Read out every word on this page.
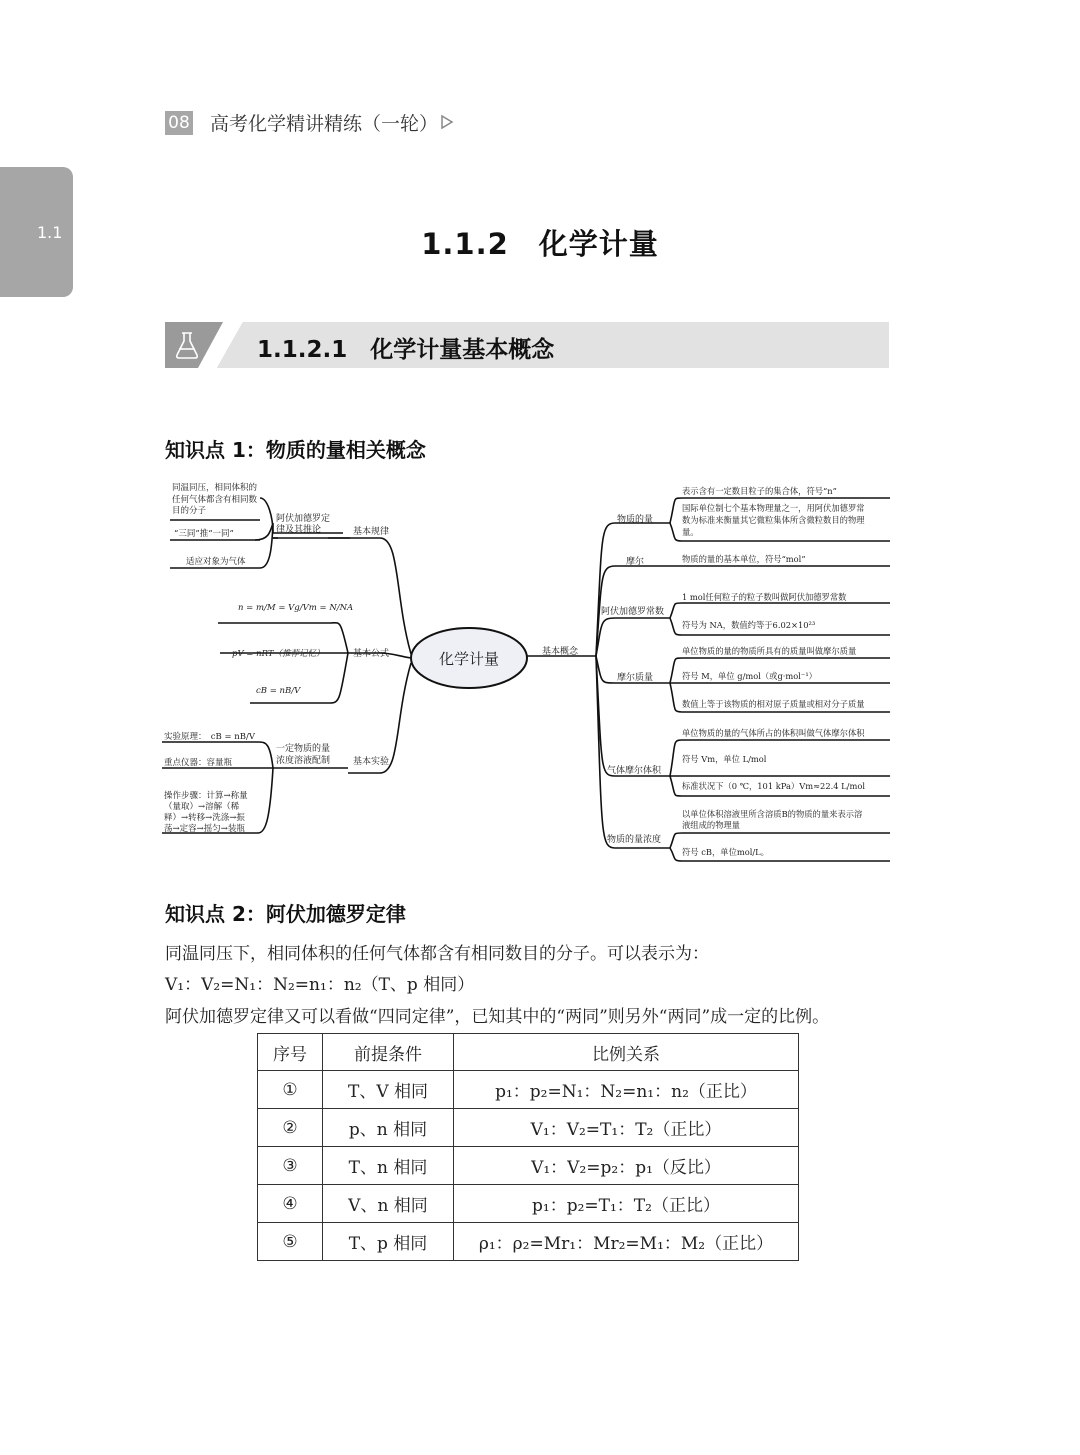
08 高考化学精讲精练（一轮）
1.1	1.1.2　化学计量
1.1.2.1　化学计量基本概念
知识点 1：物质的量相关概念
化学计量
基本规律
阿伏加德罗定
律及其推论
同温同压，相同体积的
任何气体都含有相同数
目的分子
“三同”推“一同”
适应对象为气体
基本公式
n = m/M = Vg/Vm = N/NA
pV = nRT（推荐记忆）
cB = nB/V
基本实验
一定物质的量
浓度溶液配制
实验原理：　cB = nB/V
重点仪器：容量瓶
操作步骤：计算→称量
（量取）→溶解（稀
释）→转移→洗涤→振
荡→定容→摇匀→装瓶
基本概念
物质的量
摩尔
阿伏加德罗常数
摩尔质量
气体摩尔体积
物质的量浓度
表示含有一定数目粒子的集合体，符号“n”
国际单位制七个基本物理量之一，用阿伏加德罗常
数为标准来衡量其它微粒集体所含微粒数目的物理
量。
物质的量的基本单位，符号“mol”
1 mol任何粒子的粒子数叫做阿伏加德罗常数
符号为 NA，数值约等于6.02×10²³
单位物质的量的物质所具有的质量叫做摩尔质量
符号 M，单位 g/mol（或g·mol⁻¹）
数值上等于该物质的相对原子质量或相对分子质量
单位物质的量的气体所占的体积叫做气体摩尔体积
符号 Vm，单位 L/mol
标准状况下（0 ℃，101 kPa）Vm≈22.4 L/mol
以单位体积溶液里所含溶质B的物质的量来表示溶
液组成的物理量
符号 cB，单位mol/L。
知识点 2：阿伏加德罗定律
同温同压下，相同体积的任何气体都含有相同数目的分子。可以表示为：
V₁：V₂=N₁：N₂=n₁：n₂（T、p 相同）
阿伏加德罗定律又可以看做“四同定律”，已知其中的“两同”则另外“两同”成一定的比例。
序号	前提条件	比例关系
①	T、V 相同	p₁：p₂=N₁：N₂=n₁：n₂（正比）
②	p、n 相同	V₁：V₂=T₁：T₂（正比）
③	T、n 相同	V₁：V₂=p₂：p₁（反比）
④	V、n 相同	p₁：p₂=T₁：T₂（正比）
⑤	T、p 相同	ρ₁：ρ₂=Mr₁：Mr₂=M₁：M₂（正比）
